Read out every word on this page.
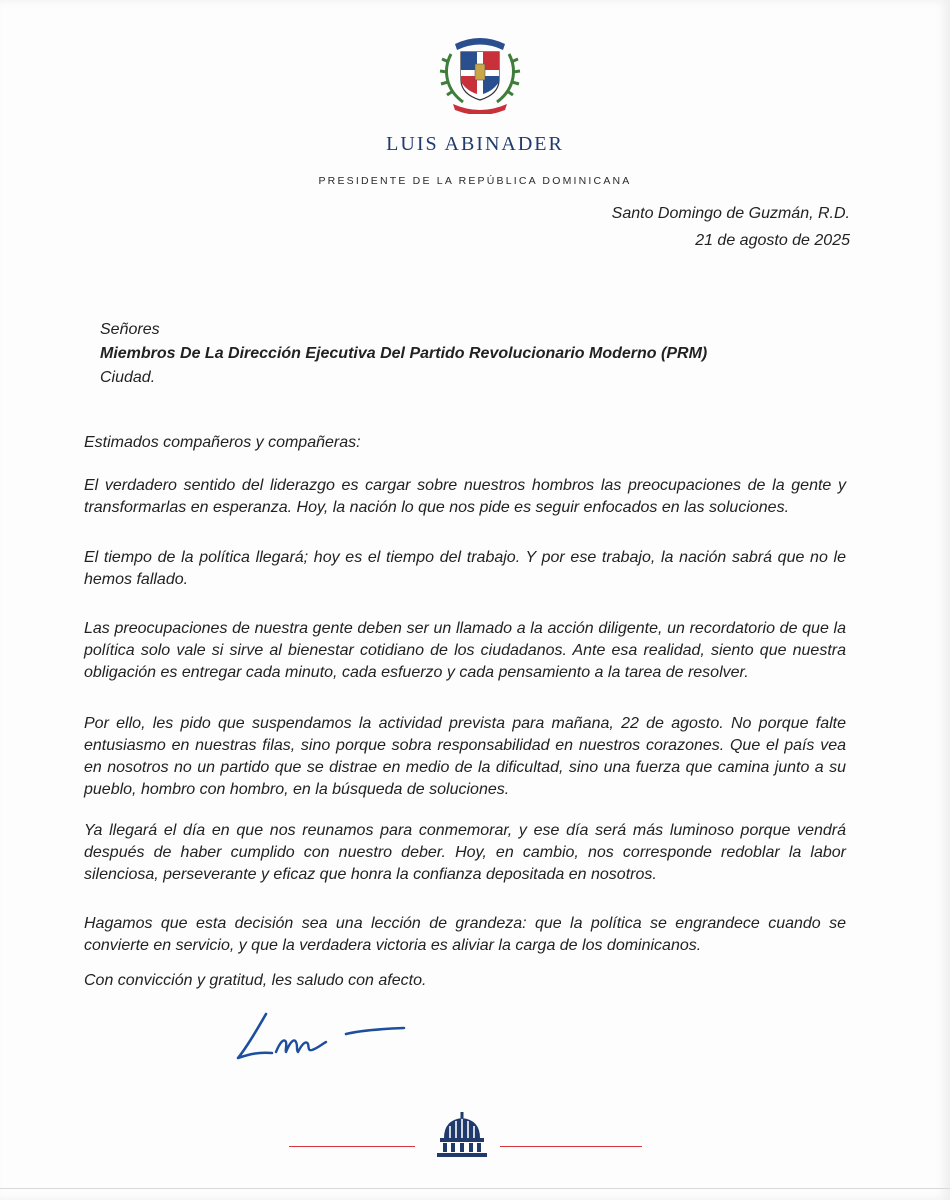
LUIS ABINADER
PRESIDENTE DE LA REPÚBLICA DOMINICANA
Santo Domingo de Guzmán, R.D.
21 de agosto de 2025
Señores
Miembros De La Dirección Ejecutiva Del Partido Revolucionario Moderno (PRM)
Ciudad.
Estimados compañeros y compañeras:

El verdadero sentido del liderazgo es cargar sobre nuestros hombros las preocupaciones de la gente y transformarlas en esperanza. Hoy, la nación lo que nos pide es seguir enfocados en las soluciones.

El tiempo de la política llegará; hoy es el tiempo del trabajo. Y por ese trabajo, la nación sabrá que no le hemos fallado.

Las preocupaciones de nuestra gente deben ser un llamado a la acción diligente, un recordatorio de que la política solo vale si sirve al bienestar cotidiano de los ciudadanos. Ante esa realidad, siento que nuestra obligación es entregar cada minuto, cada esfuerzo y cada pensamiento a la tarea de resolver.

Por ello, les pido que suspendamos la actividad prevista para mañana, 22 de agosto. No porque falte entusiasmo en nuestras filas, sino porque sobra responsabilidad en nuestros corazones. Que el país vea en nosotros no un partido que se distrae en medio de la dificultad, sino una fuerza que camina junto a su pueblo, hombro con hombro, en la búsqueda de soluciones.

Ya llegará el día en que nos reunamos para conmemorar, y ese día será más luminoso porque vendrá después de haber cumplido con nuestro deber. Hoy, en cambio, nos corresponde redoblar la labor silenciosa, perseverante y eficaz que honra la confianza depositada en nosotros.

Hagamos que esta decisión sea una lección de grandeza: que la política se engrandece cuando se convierte en servicio, y que la verdadera victoria es aliviar la carga de los dominicanos.

Con convicción y gratitud, les saludo con afecto.
